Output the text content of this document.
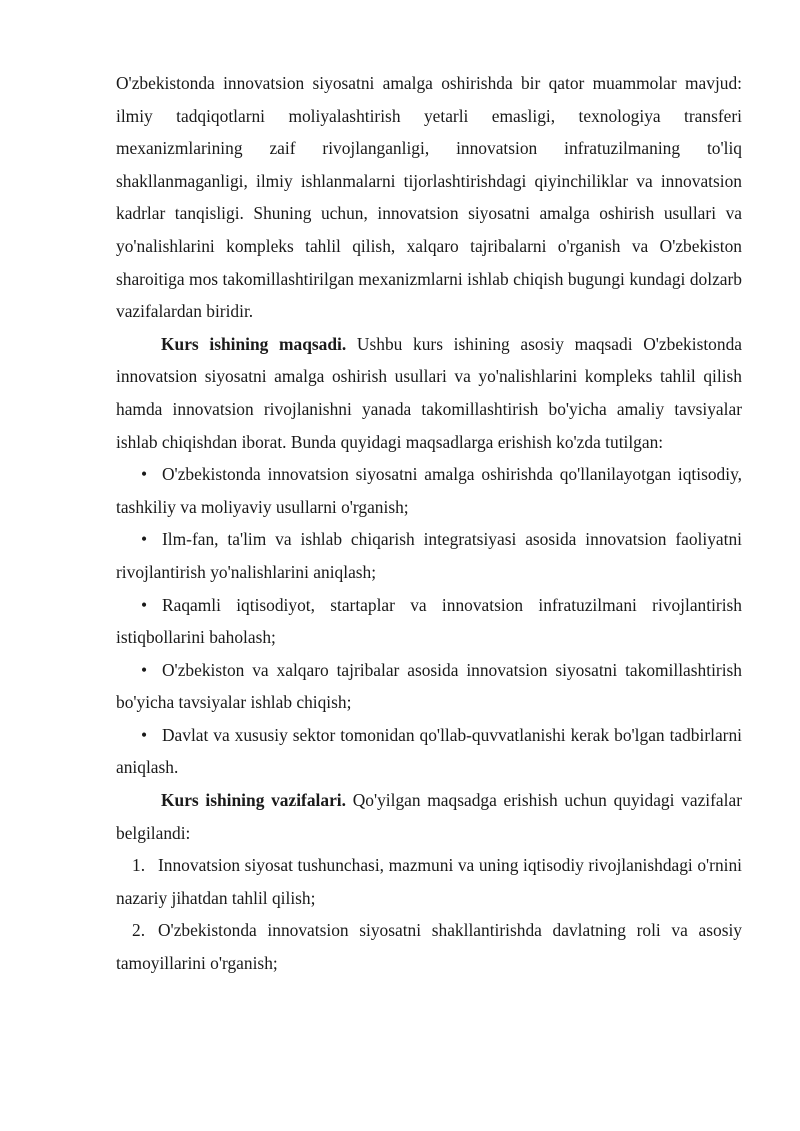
O'zbekistonda innovatsion siyosatni amalga oshirishda bir qator muammolar mavjud: ilmiy tadqiqotlarni moliyalashtirish yetarli emasligi, texnologiya transferi mexanizmlarining zaif rivojlanganligi, innovatsion infratuzilmaning to'liq shakllanmaganligi, ilmiy ishlanmalarni tijorlashtirishdagi qiyinchiliklar va innovatsion kadrlar tanqisligi. Shuning uchun, innovatsion siyosatni amalga oshirish usullari va yo'nalishlarini kompleks tahlil qilish, xalqaro tajribalarni o'rganish va O'zbekiston sharoitiga mos takomillashtirilgan mexanizmlarni ishlab chiqish bugungi kundagi dolzarb vazifalardan biridir.

Kurs ishining maqsadi. Ushbu kurs ishining asosiy maqsadi O'zbekistonda innovatsion siyosatni amalga oshirish usullari va yo'nalishlarini kompleks tahlil qilish hamda innovatsion rivojlanishni yanada takomillashtirish bo'yicha amaliy tavsiyalar ishlab chiqishdan iborat. Bunda quyidagi maqsadlarga erishish ko'zda tutilgan:

• O'zbekistonda innovatsion siyosatni amalga oshirishda qo'llanilayotgan iqtisodiy, tashkiliy va moliyaviy usullarni o'rganish;
• Ilm-fan, ta'lim va ishlab chiqarish integratsiyasi asosida innovatsion faoliyatni rivojlantirish yo'nalishlarini aniqlash;
• Raqamli iqtisodiyot, startaplar va innovatsion infratuzilmani rivojlantirish istiqbollarini baholash;
• O'zbekiston va xalqaro tajribalar asosida innovatsion siyosatni takomillashtirish bo'yicha tavsiyalar ishlab chiqish;
• Davlat va xususiy sektor tomonidan qo'llab-quvvatlanishi kerak bo'lgan tadbirlarni aniqlash.

Kurs ishining vazifalari. Qo'yilgan maqsadga erishish uchun quyidagi vazifalar belgilandi:

1. Innovatsion siyosat tushunchasi, mazmuni va uning iqtisodiy rivojlanishdagi o'rnini nazariy jihatdan tahlil qilish;
2. O'zbekistonda innovatsion siyosatni shakllantirishda davlatning roli va asosiy tamoyillarini o'rganish;
